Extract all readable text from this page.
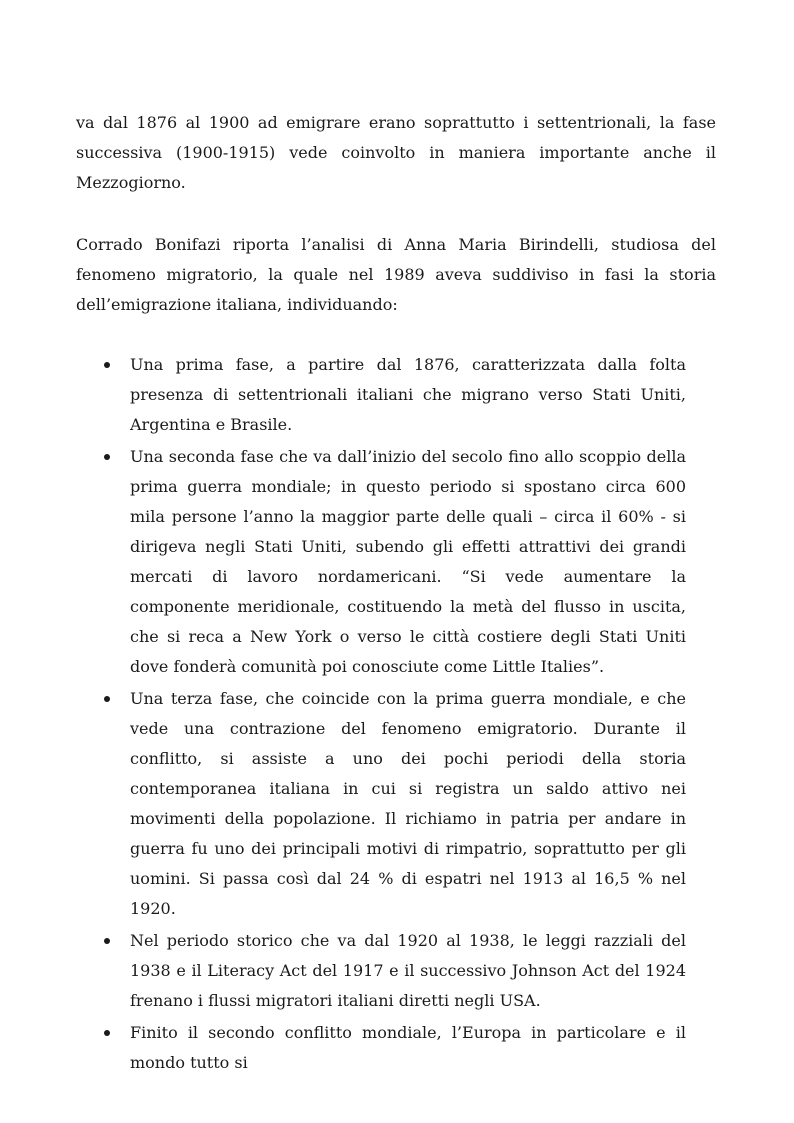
va dal 1876 al 1900 ad emigrare erano soprattutto i settentrionali, la fase successiva (1900-1915) vede coinvolto in maniera importante anche il Mezzogiorno.

Corrado Bonifazi riporta l’analisi di Anna Maria Birindelli, studiosa del fenomeno migratorio, la quale nel 1989 aveva suddiviso in fasi la storia dell’emigrazione italiana, individuando:

Una prima fase, a partire dal 1876, caratterizzata dalla folta presenza di settentrionali italiani che migrano verso Stati Uniti, Argentina e Brasile.
Una seconda fase che va dall’inizio del secolo fino allo scoppio della prima guerra mondiale; in questo periodo si spostano circa 600 mila persone l’anno la maggior parte delle quali – circa il 60% - si dirigeva negli Stati Uniti, subendo gli effetti attrattivi dei grandi mercati di lavoro nordamericani. “Si vede aumentare la componente meridionale, costituendo la metà del flusso in uscita, che si reca a New York o verso le città costiere degli Stati Uniti dove fonderà comunità poi conosciute come Little Italies”.
Una terza fase, che coincide con la prima guerra mondiale, e che vede una contrazione del fenomeno emigratorio. Durante il conflitto, si assiste a uno dei pochi periodi della storia contemporanea italiana in cui si registra un saldo attivo nei movimenti della popolazione. Il richiamo in patria per andare in guerra fu uno dei principali motivi di rimpatrio, soprattutto per gli uomini. Si passa così dal 24 % di espatri nel 1913 al 16,5 % nel 1920.
Nel periodo storico che va dal 1920 al 1938, le leggi razziali del 1938 e il Literacy Act del 1917 e il successivo Johnson Act del 1924 frenano i flussi migratori italiani diretti negli USA.
Finito il secondo conflitto mondiale, l’Europa in particolare e il mondo tutto si
